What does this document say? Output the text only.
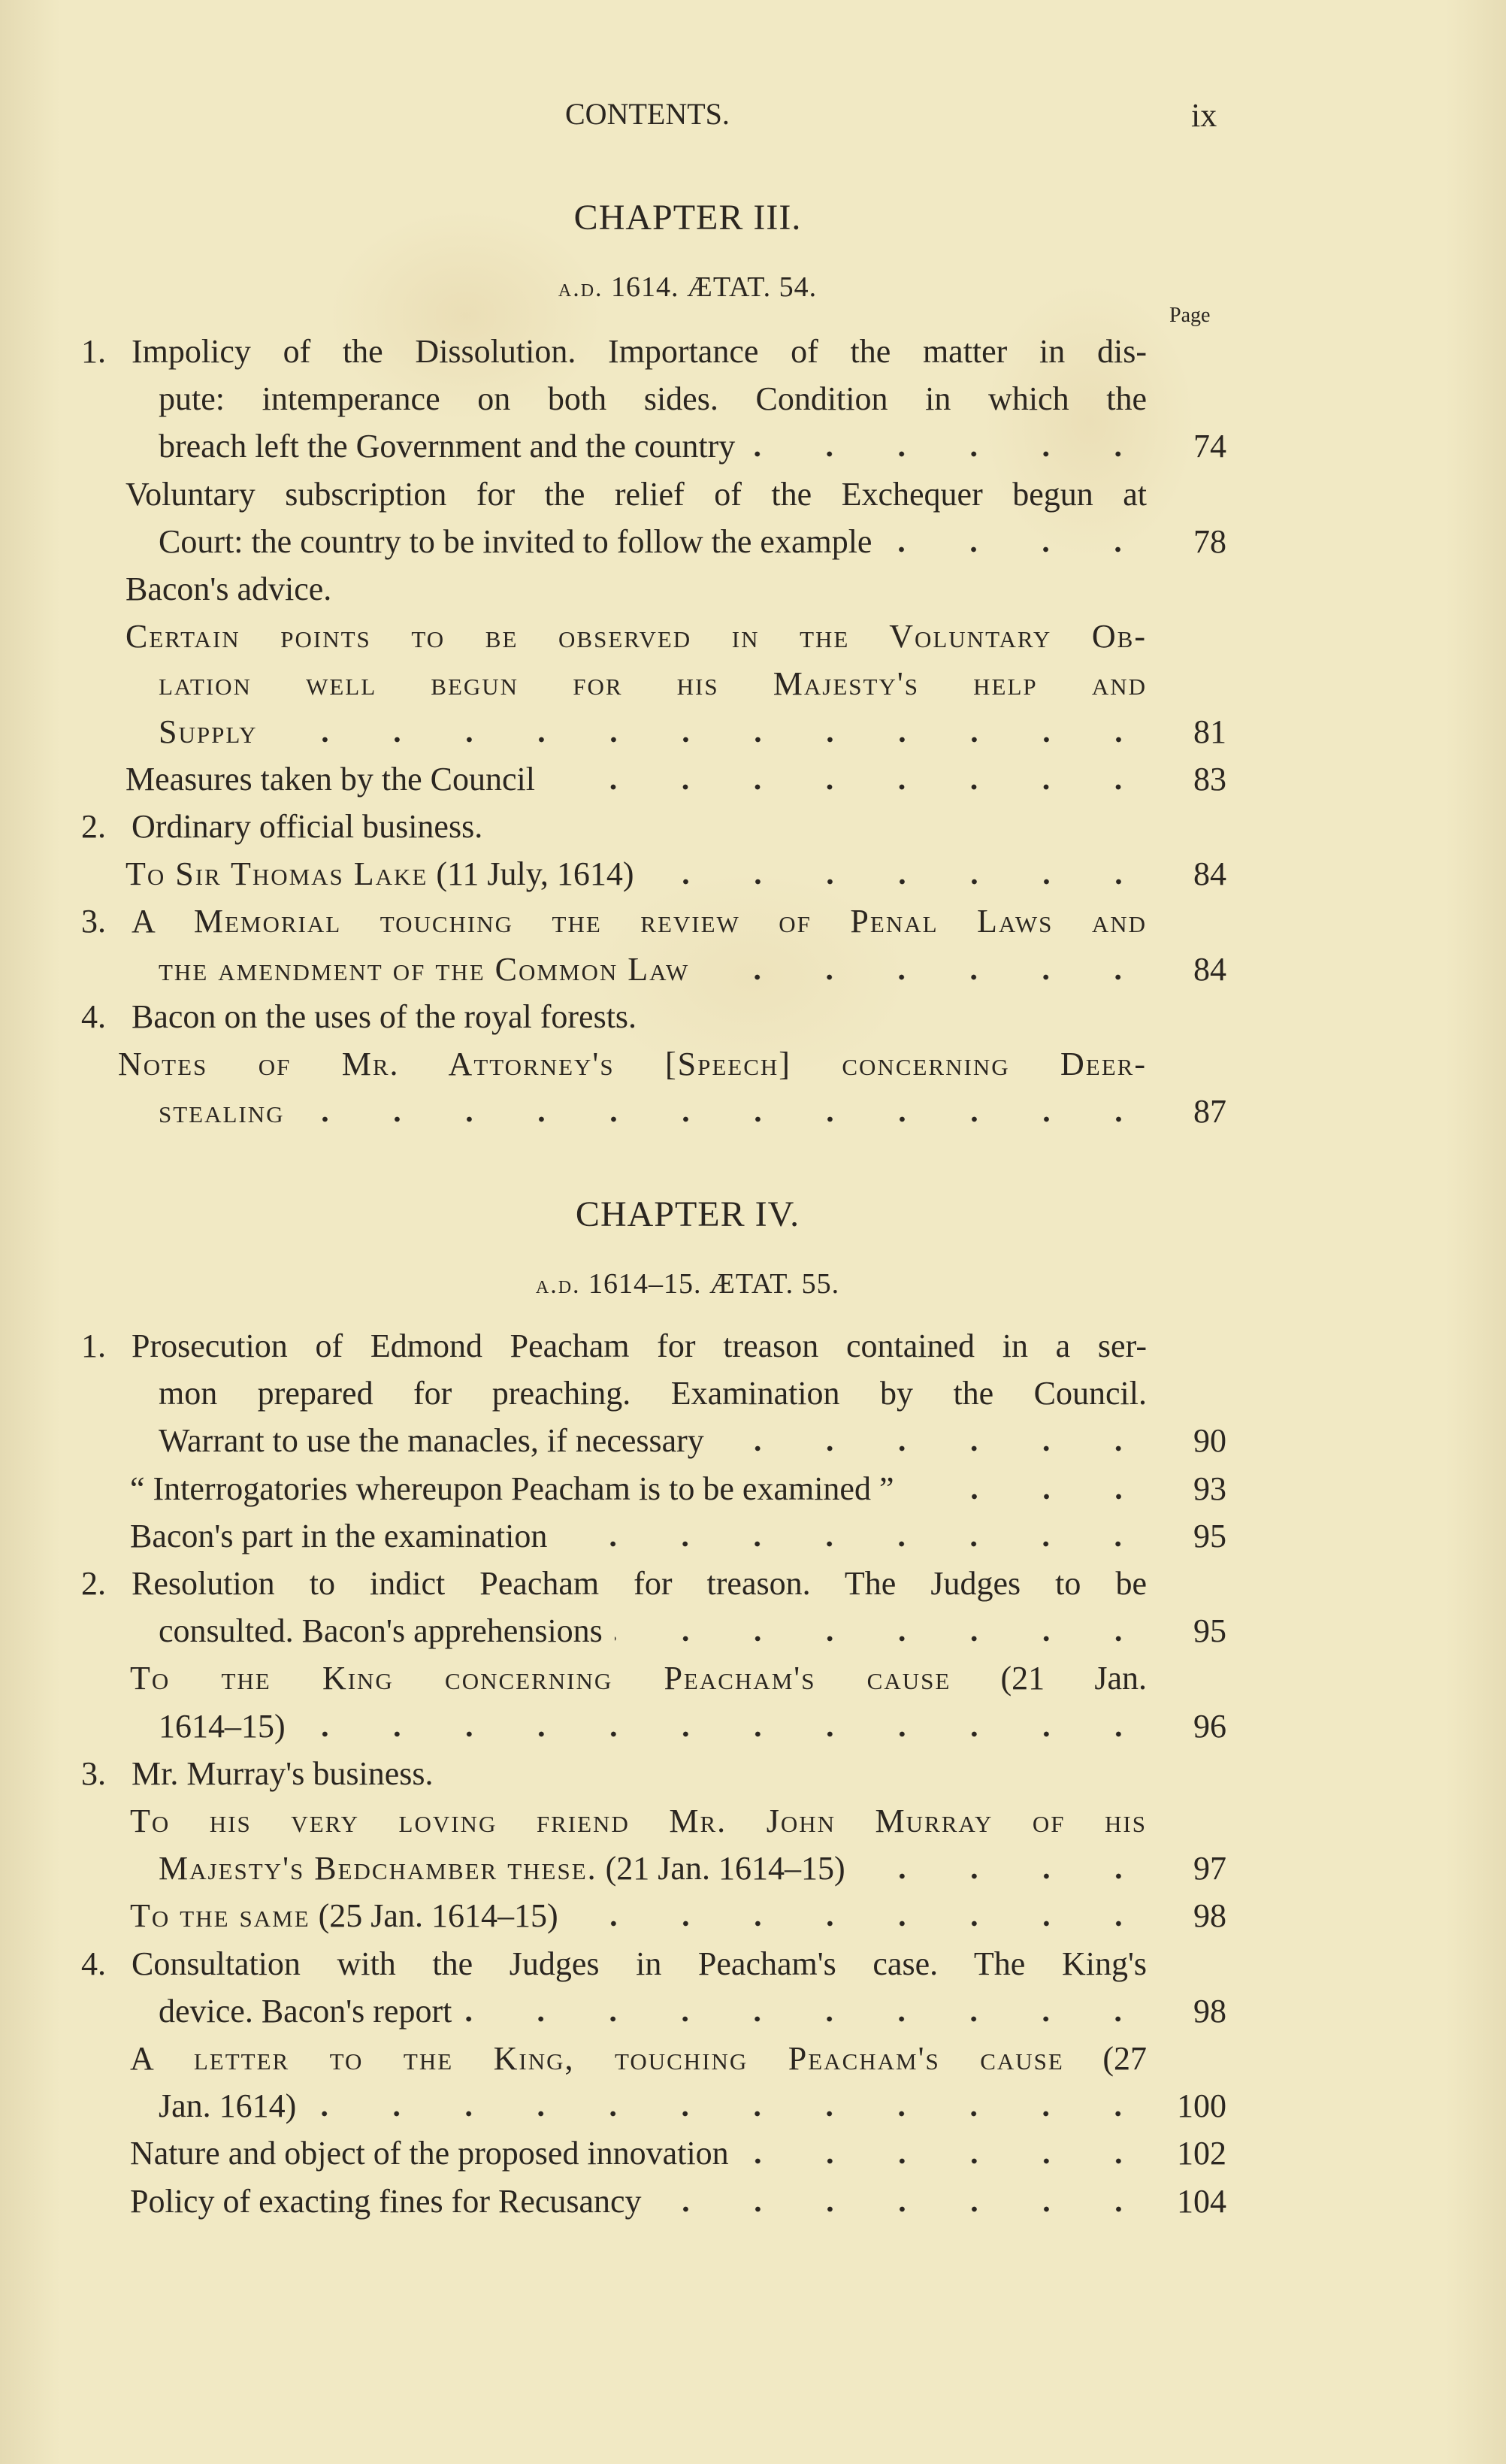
CONTENTS.	ix
CHAPTER III.
a.d. 1614. ÆTAT. 54.
Page
1. Impolicy of the Dissolution. Importance of the matter in dis-
pute: intemperance on both sides. Condition in which the
breach left the Government and the country	74
Voluntary subscription for the relief of the Exchequer begun at
Court: the country to be invited to follow the example	78
Bacon's advice.
Certain points to be observed in the Voluntary Ob-
lation well begun for his Majesty's help and
Supply	81
Measures taken by the Council	83
2. Ordinary official business.
To Sir Thomas Lake (11 July, 1614)	84
3. A Memorial touching the review of Penal Laws and
the amendment of the Common Law	84
4. Bacon on the uses of the royal forests.
Notes of Mr. Attorney's [Speech] concerning Deer-
stealing	87
CHAPTER IV.
a.d. 1614–15. ÆTAT. 55.
1. Prosecution of Edmond Peacham for treason contained in a ser-
mon prepared for preaching. Examination by the Council.
Warrant to use the manacles, if necessary	90
“ Interrogatories whereupon Peacham is to be examined ”	93
Bacon's part in the examination	95
2. Resolution to indict Peacham for treason. The Judges to be
consulted. Bacon's apprehensions	95
To the King concerning Peacham's cause (21 Jan.
1614–15)	96
3. Mr. Murray's business.
To his very loving friend Mr. John Murray of his
Majesty's Bedchamber these. (21 Jan. 1614–15)	97
To the same (25 Jan. 1614–15)	98
4. Consultation with the Judges in Peacham's case. The King's
device. Bacon's report	98
A letter to the King, touching Peacham's cause (27
Jan. 1614)	100
Nature and object of the proposed innovation	102
Policy of exacting fines for Recusancy	104
